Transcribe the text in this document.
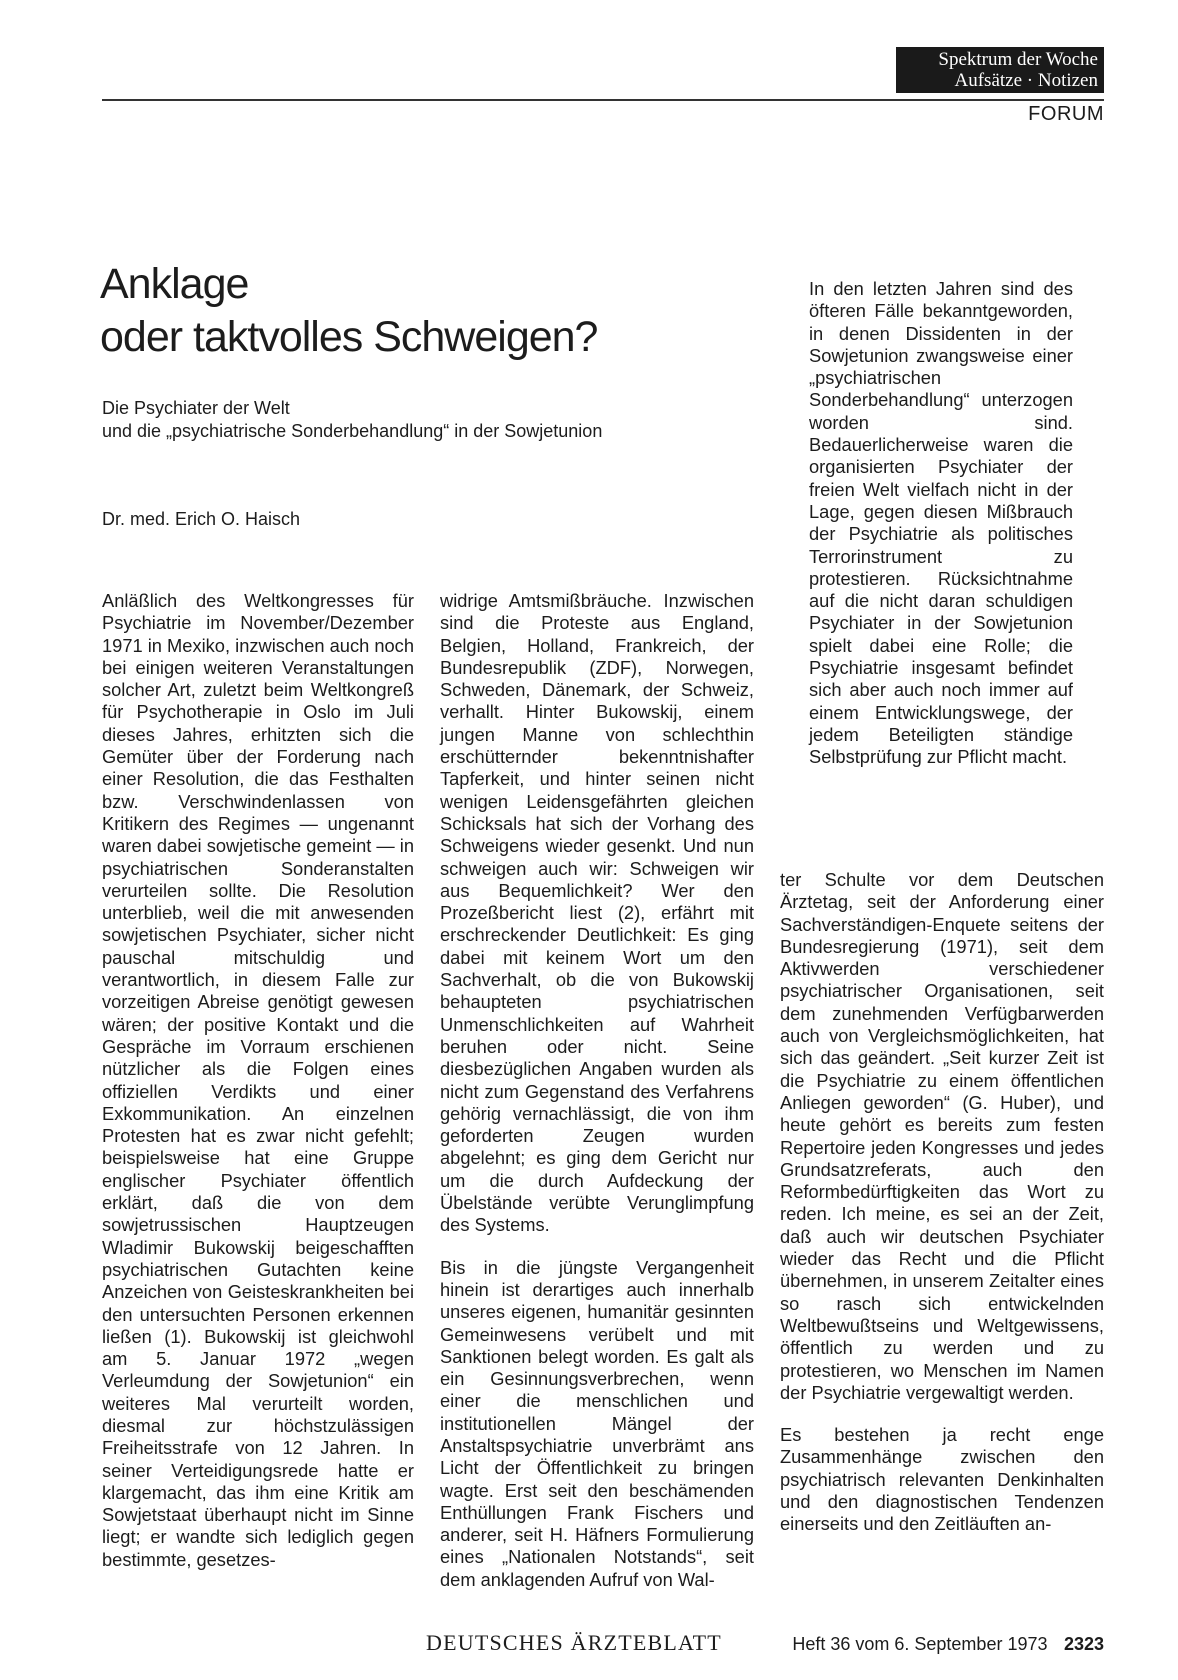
Spektrum der Woche
Aufsätze · Notizen
FORUM
Anklage
oder taktvolles Schweigen?
Die Psychiater der Welt
und die „psychiatrische Sonderbehandlung“ in der Sowjetunion
Dr. med. Erich O. Haisch

Anläßlich des Weltkongresses für Psychiatrie im November/Dezember 1971 in Mexiko, inzwischen auch noch bei einigen weiteren Veranstaltungen solcher Art, zuletzt beim Weltkongreß für Psychotherapie in Oslo im Juli dieses Jahres, erhitzten sich die Gemüter über der Forderung nach einer Resolution, die das Festhalten bzw. Verschwindenlassen von Kritikern des Regimes — ungenannt waren dabei sowjetische gemeint — in psychiatrischen Sonderanstalten verurteilen sollte. Die Resolution unterblieb, weil die mit anwesenden sowjetischen Psychiater, sicher nicht pauschal mitschuldig und verantwortlich, in diesem Falle zur vorzeitigen Abreise genötigt gewesen wären; der positive Kontakt und die Gespräche im Vorraum erschienen nützlicher als die Folgen eines offiziellen Verdikts und einer Exkommunikation. An einzelnen Protesten hat es zwar nicht gefehlt; beispielsweise hat eine Gruppe englischer Psychiater öffentlich erklärt, daß die von dem sowjetrussischen Hauptzeugen Wladimir Bukowskij beigeschafften psychiatrischen Gutachten keine Anzeichen von Geisteskrankheiten bei den untersuchten Personen erkennen ließen (1). Bukowskij ist gleichwohl am 5. Januar 1972 „wegen Verleumdung der Sowjetunion“ ein weiteres Mal verurteilt worden, diesmal zur höchstzulässigen Freiheitsstrafe von 12 Jahren. In seiner Verteidigungsrede hatte er klargemacht, das ihm eine Kritik am Sowjetstaat überhaupt nicht im Sinne liegt; er wandte sich lediglich gegen bestimmte, gesetzes-

widrige Amtsmißbräuche. Inzwischen sind die Proteste aus England, Belgien, Holland, Frankreich, der Bundesrepublik (ZDF), Norwegen, Schweden, Dänemark, der Schweiz, verhallt. Hinter Bukowskij, einem jungen Manne von schlechthin erschütternder bekenntnishafter Tapferkeit, und hinter seinen nicht wenigen Leidensgefährten gleichen Schicksals hat sich der Vorhang des Schweigens wieder gesenkt. Und nun schweigen auch wir: Schweigen wir aus Bequemlichkeit? Wer den Prozeßbericht liest (2), erfährt mit erschreckender Deutlichkeit: Es ging dabei mit keinem Wort um den Sachverhalt, ob die von Bukowskij behaupteten psychiatrischen Unmenschlichkeiten auf Wahrheit beruhen oder nicht. Seine diesbezüglichen Angaben wurden als nicht zum Gegenstand des Verfahrens gehörig vernachlässigt, die von ihm geforderten Zeugen wurden abgelehnt; es ging dem Gericht nur um die durch Aufdeckung der Übelstände verübte Verunglimpfung des Systems.

Bis in die jüngste Vergangenheit hinein ist derartiges auch innerhalb unseres eigenen, humanitär gesinnten Gemeinwesens verübelt und mit Sanktionen belegt worden. Es galt als ein Gesinnungsverbrechen, wenn einer die menschlichen und institutionellen Mängel der Anstaltspsychiatrie unverbrämt ans Licht der Öffentlichkeit zu bringen wagte. Erst seit den beschämenden Enthüllungen Frank Fischers und anderer, seit H. Häfners Formulierung eines „Nationalen Notstands“, seit dem anklagenden Aufruf von Wal-

In den letzten Jahren sind des öfteren Fälle bekanntgeworden, in denen Dissidenten in der Sowjetunion zwangsweise einer „psychiatrischen Sonderbehandlung“ unterzogen worden sind. Bedauerlicherweise waren die organisierten Psychiater der freien Welt vielfach nicht in der Lage, gegen diesen Mißbrauch der Psychiatrie als politisches Terrorinstrument zu protestieren. Rücksichtnahme auf die nicht daran schuldigen Psychiater in der Sowjetunion spielt dabei eine Rolle; die Psychiatrie insgesamt befindet sich aber auch noch immer auf einem Entwicklungswege, der jedem Beteiligten ständige Selbstprüfung zur Pflicht macht.

ter Schulte vor dem Deutschen Ärztetag, seit der Anforderung einer Sachverständigen-Enquete seitens der Bundesregierung (1971), seit dem Aktivwerden verschiedener psychiatrischer Organisationen, seit dem zunehmenden Verfügbarwerden auch von Vergleichsmöglichkeiten, hat sich das geändert. „Seit kurzer Zeit ist die Psychiatrie zu einem öffentlichen Anliegen geworden“ (G. Huber), und heute gehört es bereits zum festen Repertoire jeden Kongresses und jedes Grundsatzreferats, auch den Reformbedürftigkeiten das Wort zu reden. Ich meine, es sei an der Zeit, daß auch wir deutschen Psychiater wieder das Recht und die Pflicht übernehmen, in unserem Zeitalter eines so rasch sich entwickelnden Weltbewußtseins und Weltgewissens, öffentlich zu werden und zu protestieren, wo Menschen im Namen der Psychiatrie vergewaltigt werden.

Es bestehen ja recht enge Zusammenhänge zwischen den psychiatrisch relevanten Denkinhalten und den diagnostischen Tendenzen einerseits und den Zeitläuften an-

DEUTSCHES ÄRZTEBLATT	Heft 36 vom 6. September 1973 2323
